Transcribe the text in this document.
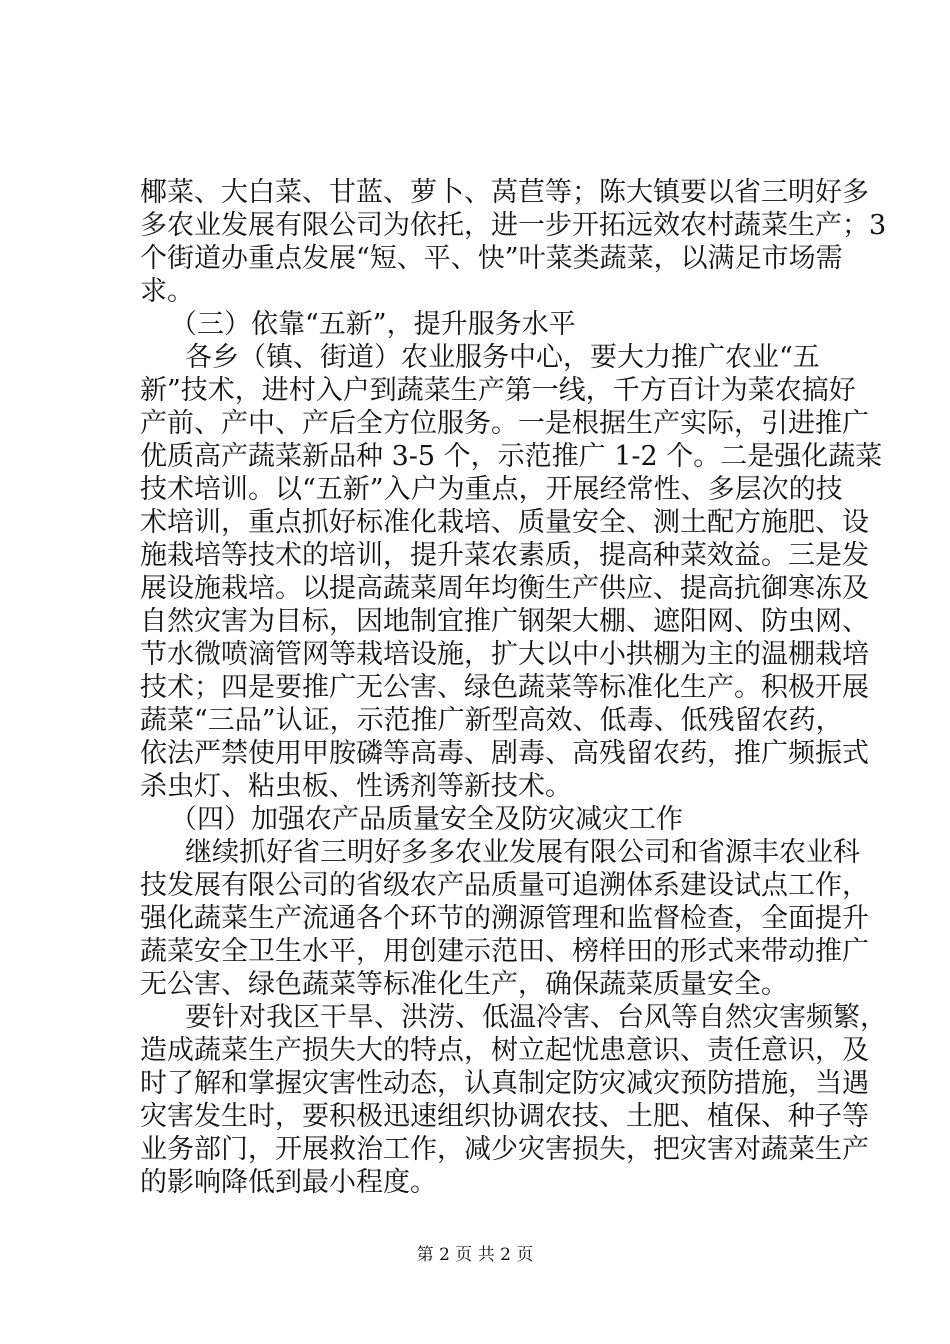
椰菜、大白菜、甘蓝、萝卜、莴苣等；陈大镇要以省三明好多
多农业发展有限公司为依托，进一步开拓远效农村蔬菜生产；3
个街道办重点发展“短、平、快”叶菜类蔬菜，以满足市场需
求。
（三）依靠“五新”，提升服务水平
各乡（镇、街道）农业服务中心，要大力推广农业“五
新”技术，进村入户到蔬菜生产第一线，千方百计为菜农搞好
产前、产中、产后全方位服务。一是根据生产实际，引进推广
优质高产蔬菜新品种 3-5 个，示范推广 1-2 个。二是强化蔬菜
技术培训。以“五新”入户为重点，开展经常性、多层次的技
术培训，重点抓好标准化栽培、质量安全、测土配方施肥、设
施栽培等技术的培训，提升菜农素质，提高种菜效益。三是发
展设施栽培。以提高蔬菜周年均衡生产供应、提高抗御寒冻及
自然灾害为目标，因地制宜推广钢架大棚、遮阳网、防虫网、
节水微喷滴管网等栽培设施，扩大以中小拱棚为主的温棚栽培
技术；四是要推广无公害、绿色蔬菜等标准化生产。积极开展
蔬菜“三品”认证，示范推广新型高效、低毒、低残留农药，
依法严禁使用甲胺磷等高毒、剧毒、高残留农药，推广频振式
杀虫灯、粘虫板、性诱剂等新技术。
（四）加强农产品质量安全及防灾减灾工作
继续抓好省三明好多多农业发展有限公司和省源丰农业科
技发展有限公司的省级农产品质量可追溯体系建设试点工作，
强化蔬菜生产流通各个环节的溯源管理和监督检查，全面提升
蔬菜安全卫生水平，用创建示范田、榜样田的形式来带动推广
无公害、绿色蔬菜等标准化生产，确保蔬菜质量安全。
要针对我区干旱、洪涝、低温冷害、台风等自然灾害频繁，
造成蔬菜生产损失大的特点，树立起忧患意识、责任意识，及
时了解和掌握灾害性动态，认真制定防灾减灾预防措施，当遇
灾害发生时，要积极迅速组织协调农技、土肥、植保、种子等
业务部门，开展救治工作，减少灾害损失，把灾害对蔬菜生产
的影响降低到最小程度。
第 2 页 共 2 页
